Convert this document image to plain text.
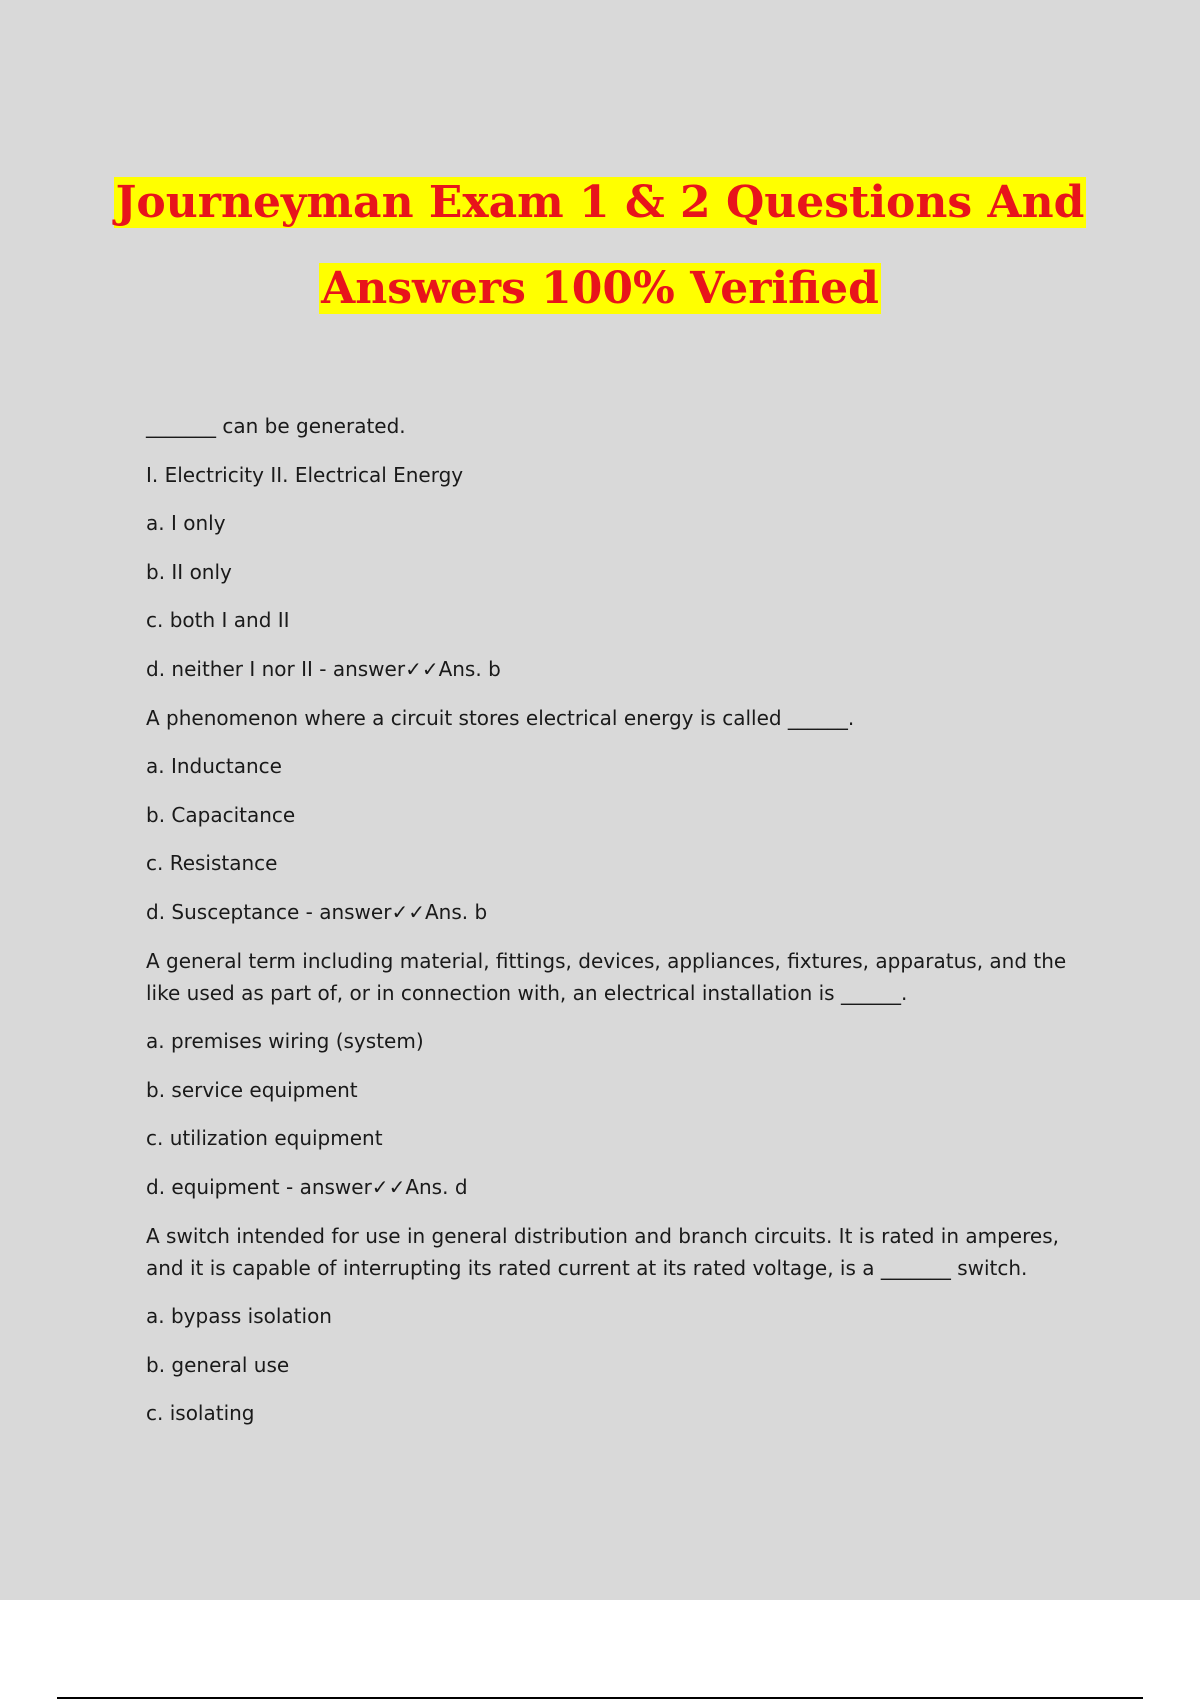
Journeyman Exam 1 & 2 Questions And
Answers 100% Verified

_______ can be generated.

I. Electricity II. Electrical Energy

a. I only

b. II only

c. both I and II

d. neither I nor II - answer✓✓Ans. b

A phenomenon where a circuit stores electrical energy is called ______.

a. Inductance

b. Capacitance

c. Resistance

d. Susceptance - answer✓✓Ans. b

A general term including material, fittings, devices, appliances, fixtures, apparatus, and the like used as part of, or in connection with, an electrical installation is ______.

a. premises wiring (system)

b. service equipment

c. utilization equipment

d. equipment - answer✓✓Ans. d

A switch intended for use in general distribution and branch circuits. It is rated in amperes, and it is capable of interrupting its rated current at its rated voltage, is a _______ switch.

a. bypass isolation

b. general use

c. isolating
